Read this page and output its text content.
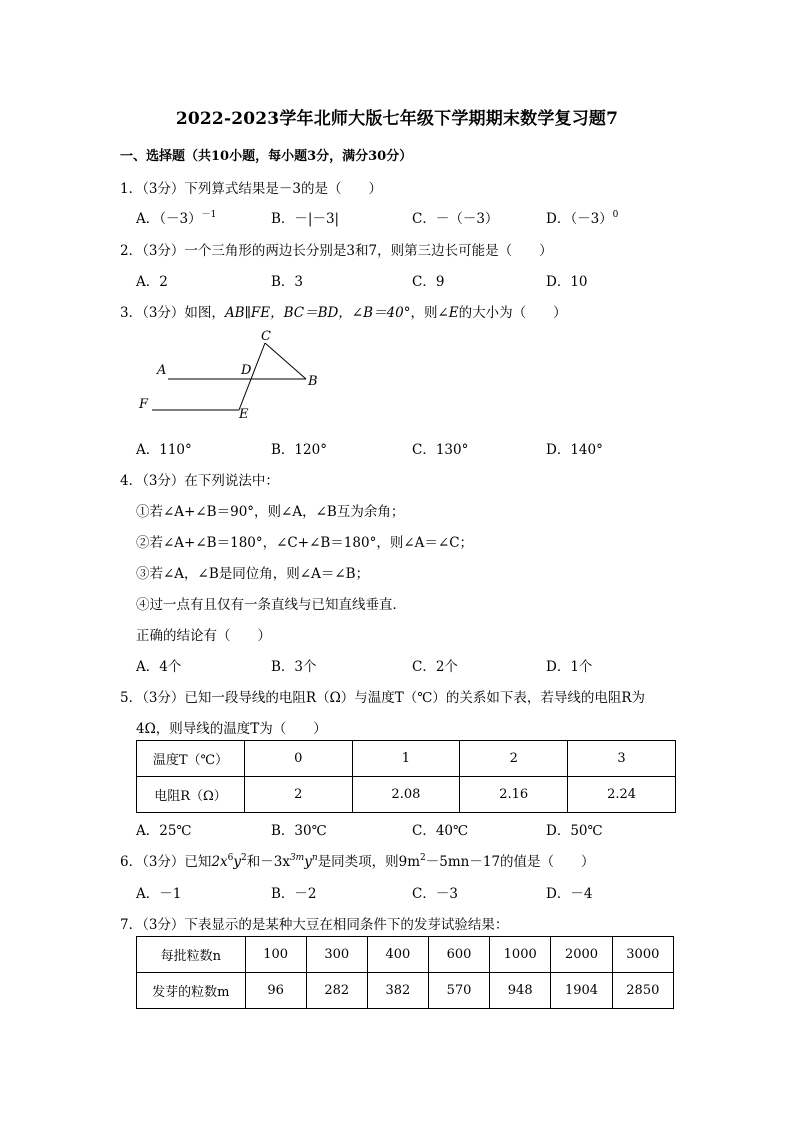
2022-2023学年北师大版七年级下学期期末数学复习题7
一、选择题（共10小题，每小题3分，满分30分）
1．（3分）下列算式结果是－3的是（　　）
A．$(-3)^{-1}$	B．－|－3|	C．－（－3）	D．$(-3)^0$
2．（3分）一个三角形的两边长分别是3和7，则第三边长可能是（　　）
A．2	B．3	C．9	D．10
3．（3分）如图，AB∥FE，BC＝BD，∠B＝40°，则∠E的大小为（　　）
C
A	D
B
F
E
A．110°	B．120°	C．130°	D．140°
4．（3分）在下列说法中：
①若∠A+∠B＝90°，则∠A，∠B互为余角；
②若∠A+∠B＝180°，∠C+∠B＝180°，则∠A＝∠C；
③若∠A，∠B是同位角，则∠A＝∠B；
④过一点有且仅有一条直线与已知直线垂直．
正确的结论有（　　）
A．4个	B．3个	C．2个	D．1个
5．（3分）已知一段导线的电阻R（Ω）与温度T（℃）的关系如下表，若导线的电阻R为
4Ω，则导线的温度T为（　　）
温度T（℃）	0	1	2	3
电阻R（Ω）	2	2.08	2.16	2.24
A．25℃	B．30℃	C．40℃	D．50℃
6．（3分）已知$2x^6y^2$和$-3x^{3m}y^n$是同类项，则$9m^2-5mn-17$的值是（　　）
A．－1	B．－2	C．－3	D．－4
7．（3分）下表显示的是某种大豆在相同条件下的发芽试验结果：
每批粒数n	100	300	400	600	1000	2000	3000
发芽的粒数m	96	282	382	570	948	1904	2850
